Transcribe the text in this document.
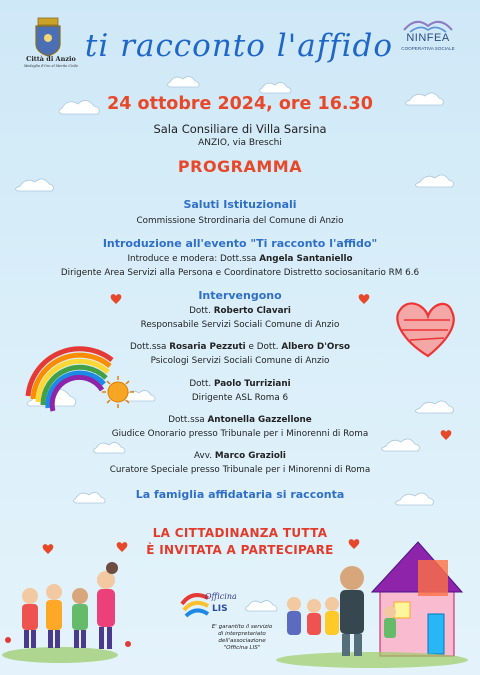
Città di Anzio
Medaglia d'Oro al Merito Civile
ti racconto l'affido	NINFEA
COOPERATIVA SOCIALE
24 ottobre 2024, ore 16.30
Sala Consiliare di Villa Sarsina
ANZIO, via Breschi
PROGRAMMA
Saluti Istituzionali
Commissione Strordinaria del Comune di Anzio
Introduzione all'evento "Ti racconto l'affido"
Introduce e modera: Dott.ssa Angela Santaniello
Dirigente Area Servizi alla Persona e Coordinatore Distretto sociosanitario RM 6.6
Intervengono
Dott. Roberto Clavari
Responsabile Servizi Sociali Comune di Anzio
Dott.ssa Rosaria Pezzuti e Dott. Albero D'Orso
Psicologi Servizi Sociali Comune di Anzio
Dott. Paolo Turriziani
Dirigente ASL Roma 6
Dott.ssa Antonella Gazzellone
Giudice Onorario presso Tribunale per i Minorenni di Roma
Avv. Marco Grazioli
Curatore Speciale presso Tribunale per i Minorenni di Roma
La famiglia affidataria si racconta
LA CITTADINANZA TUTTA
È INVITATA A PARTECIPARE
Officina
LIS
E' garantito il servizio
di interpretariato
dell'associazione
"Officina LIS"
